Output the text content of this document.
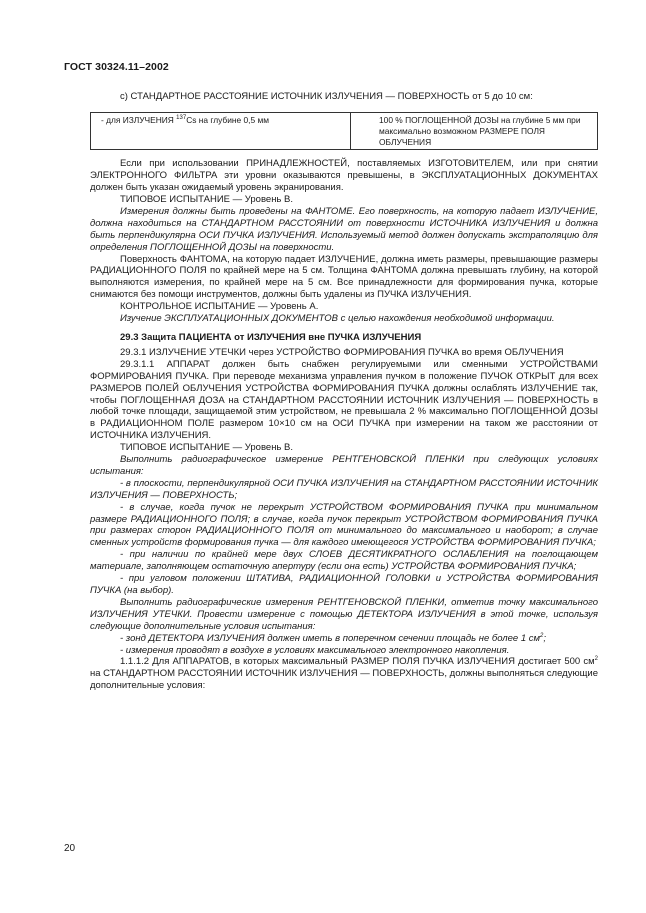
ГОСТ 30324.11–2002

с) СТАНДАРТНОЕ РАССТОЯНИЕ ИСТОЧНИК ИЗЛУЧЕНИЯ — ПОВЕРХНОСТЬ от 5 до 10 см:

- для ИЗЛУЧЕНИЯ $^{137}$Cs на глубине 0,5 мм	100 % ПОГЛОЩЕННОЙ ДОЗЫ на глубине 5 мм при максимально возможном РАЗМЕРЕ ПОЛЯ ОБЛУЧЕНИЯ

Если при использовании ПРИНАДЛЕЖНОСТЕЙ, поставляемых ИЗГОТОВИТЕЛЕМ, или при снятии ЭЛЕКТРОННОГО ФИЛЬТРА эти уровни оказываются превышены, в ЭКСПЛУАТАЦИОННЫХ ДОКУМЕНТАХ должен быть указан ожидаемый уровень экранирования.

ТИПОВОЕ ИСПЫТАНИЕ — Уровень В.

Измерения должны быть проведены на ФАНТОМЕ. Его поверхность, на которую падает ИЗЛУЧЕНИЕ, должна находиться на СТАНДАРТНОМ РАССТОЯНИИ от поверхности ИСТОЧНИКА ИЗЛУЧЕНИЯ и должна быть перпендикулярна ОСИ ПУЧКА ИЗЛУЧЕНИЯ. Используемый метод должен допускать экстраполяцию для определения ПОГЛОЩЕННОЙ ДОЗЫ на поверхности.

Поверхность ФАНТОМА, на которую падает ИЗЛУЧЕНИЕ, должна иметь размеры, превышающие размеры РАДИАЦИОННОГО ПОЛЯ по крайней мере на 5 см. Толщина ФАНТОМА должна превышать глубину, на которой выполняются измерения, по крайней мере на 5 см. Все принадлежности для формирования пучка, которые снимаются без помощи инструментов, должны быть удалены из ПУЧКА ИЗЛУЧЕНИЯ.

КОНТРОЛЬНОЕ ИСПЫТАНИЕ — Уровень А.

Изучение ЭКСПЛУАТАЦИОННЫХ ДОКУМЕНТОВ с целью нахождения необходимой информации.

29.3 Защита ПАЦИЕНТА от ИЗЛУЧЕНИЯ вне ПУЧКА ИЗЛУЧЕНИЯ

29.3.1 ИЗЛУЧЕНИЕ УТЕЧКИ через УСТРОЙСТВО ФОРМИРОВАНИЯ ПУЧКА во время ОБЛУЧЕНИЯ

29.3.1.1 АППАРАТ должен быть снабжен регулируемыми или сменными УСТРОЙСТВАМИ ФОРМИРОВАНИЯ ПУЧКА. При переводе механизма управления пучком в положение ПУЧОК ОТКРЫТ для всех РАЗМЕРОВ ПОЛЕЙ ОБЛУЧЕНИЯ УСТРОЙСТВА ФОРМИРОВАНИЯ ПУЧКА должны ослаблять ИЗЛУЧЕНИЕ так, чтобы ПОГЛОЩЕННАЯ ДОЗА на СТАНДАРТНОМ РАССТОЯНИИ ИСТОЧНИК ИЗЛУЧЕНИЯ — ПОВЕРХНОСТЬ в любой точке площади, защищаемой этим устройством, не превышала 2 % максимально ПОГЛОЩЕННОЙ ДОЗЫ в РАДИАЦИОННОМ ПОЛЕ размером 10×10 см на ОСИ ПУЧКА при измерении на таком же расстоянии от ИСТОЧНИКА ИЗЛУЧЕНИЯ.

ТИПОВОЕ ИСПЫТАНИЕ — Уровень В.

Выполнить радиографическое измерение РЕНТГЕНОВСКОЙ ПЛЕНКИ при следующих условиях испытания:

- в плоскости, перпендикулярной ОСИ ПУЧКА ИЗЛУЧЕНИЯ на СТАНДАРТНОМ РАССТОЯНИИ ИСТОЧНИК ИЗЛУЧЕНИЯ — ПОВЕРХНОСТЬ;

- в случае, когда пучок не перекрыт УСТРОЙСТВОМ ФОРМИРОВАНИЯ ПУЧКА при минимальном размере РАДИАЦИОННОГО ПОЛЯ; в случае, когда пучок перекрыт УСТРОЙСТВОМ ФОРМИРОВАНИЯ ПУЧКА при размерах сторон РАДИАЦИОННОГО ПОЛЯ от минимального до максимального и наоборот; в случае сменных устройств формирования пучка — для каждого имеющегося УСТРОЙСТВА ФОРМИРОВАНИЯ ПУЧКА;

- при наличии по крайней мере двух СЛОЕВ ДЕСЯТИКРАТНОГО ОСЛАБЛЕНИЯ на поглощающем материале, заполняющем остаточную апертуру (если она есть) УСТРОЙСТВА ФОРМИРОВАНИЯ ПУЧКА;

- при угловом положении ШТАТИВА, РАДИАЦИОННОЙ ГОЛОВКИ и УСТРОЙСТВА ФОРМИРОВАНИЯ ПУЧКА (на выбор).

Выполнить радиографические измерения РЕНТГЕНОВСКОЙ ПЛЕНКИ, отметив точку максимального ИЗЛУЧЕНИЯ УТЕЧКИ. Провести измерение с помощью ДЕТЕКТОРА ИЗЛУЧЕНИЯ в этой точке, используя следующие дополнительные условия испытания:

- зонд ДЕТЕКТОРА ИЗЛУЧЕНИЯ должен иметь в поперечном сечении площадь не более 1 $см^2$;

- измерения проводят в воздухе в условиях максимального электронного накопления.

1.1.1.2 Для АППАРАТОВ, в которых максимальный РАЗМЕР ПОЛЯ ПУЧКА ИЗЛУЧЕНИЯ достигает 500 $см^2$ на СТАНДАРТНОМ РАССТОЯНИИ ИСТОЧНИК ИЗЛУЧЕНИЯ — ПОВЕРХНОСТЬ, должны выполняться следующие дополнительные условия:

20
